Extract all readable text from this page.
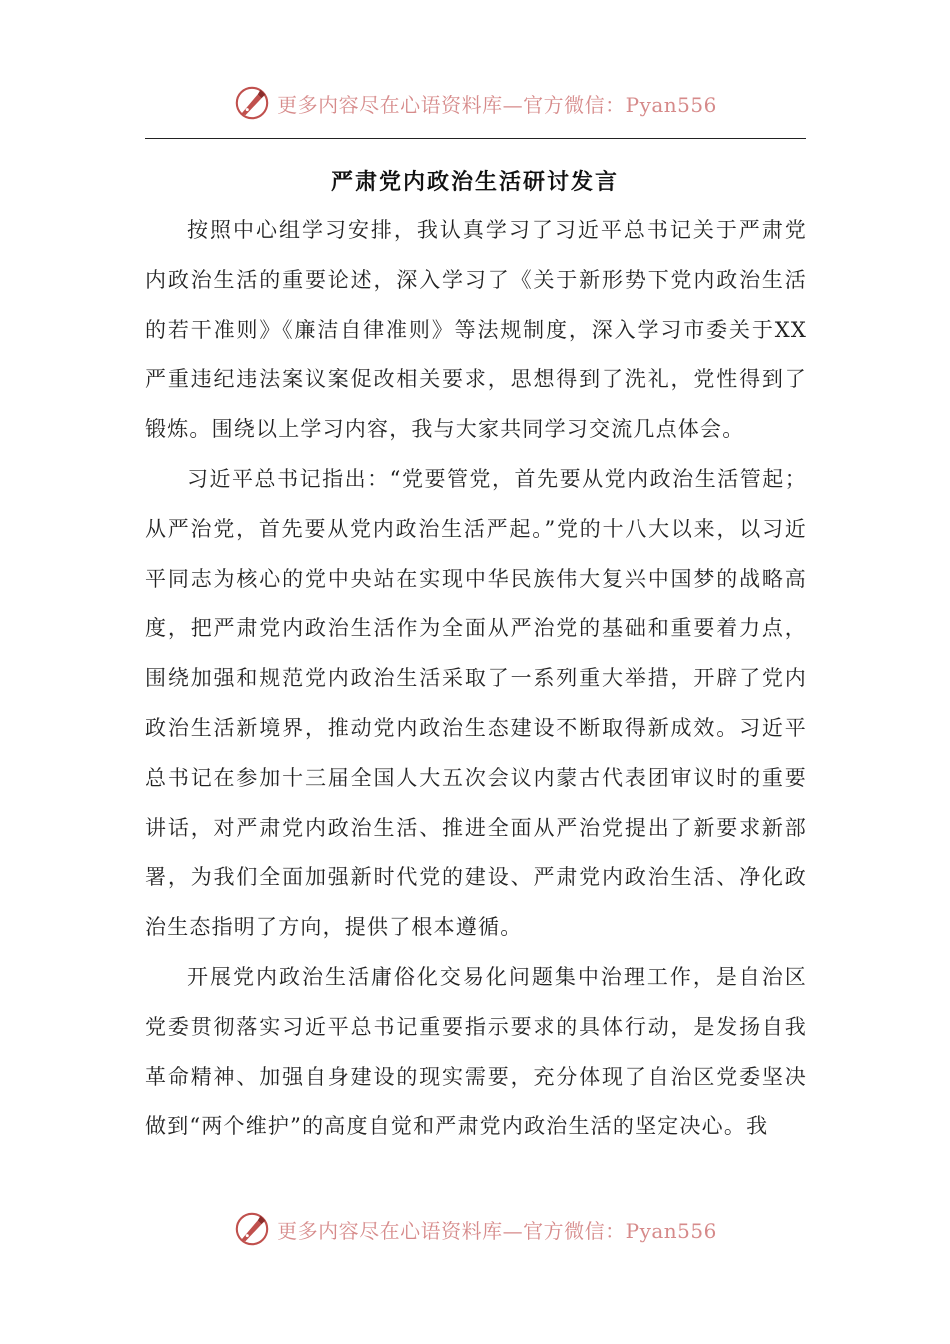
更多内容尽在心语资料库—官方微信：Pyan556
严肃党内政治生活研讨发言

按照中心组学习安排，我认真学习了习近平总书记关于严肃党内政治生活的重要论述，深入学习了《关于新形势下党内政治生活的若干准则》《廉洁自律准则》等法规制度，深入学习市委关于XX严重违纪违法案议案促改相关要求，思想得到了洗礼，党性得到了锻炼。围绕以上学习内容，我与大家共同学习交流几点体会。

习近平总书记指出：“党要管党，首先要从党内政治生活管起；从严治党，首先要从党内政治生活严起。”党的十八大以来，以习近平同志为核心的党中央站在实现中华民族伟大复兴中国梦的战略高度，把严肃党内政治生活作为全面从严治党的基础和重要着力点，围绕加强和规范党内政治生活采取了一系列重大举措，开辟了党内政治生活新境界，推动党内政治生态建设不断取得新成效。习近平总书记在参加十三届全国人大五次会议内蒙古代表团审议时的重要讲话，对严肃党内政治生活、推进全面从严治党提出了新要求新部署，为我们全面加强新时代党的建设、严肃党内政治生活、净化政治生态指明了方向，提供了根本遵循。

开展党内政治生活庸俗化交易化问题集中治理工作，是自治区党委贯彻落实习近平总书记重要指示要求的具体行动，是发扬自我革命精神、加强自身建设的现实需要，充分体现了自治区党委坚决做到“两个维护”的高度自觉和严肃党内政治生活的坚定决心。我

更多内容尽在心语资料库—官方微信：Pyan556
